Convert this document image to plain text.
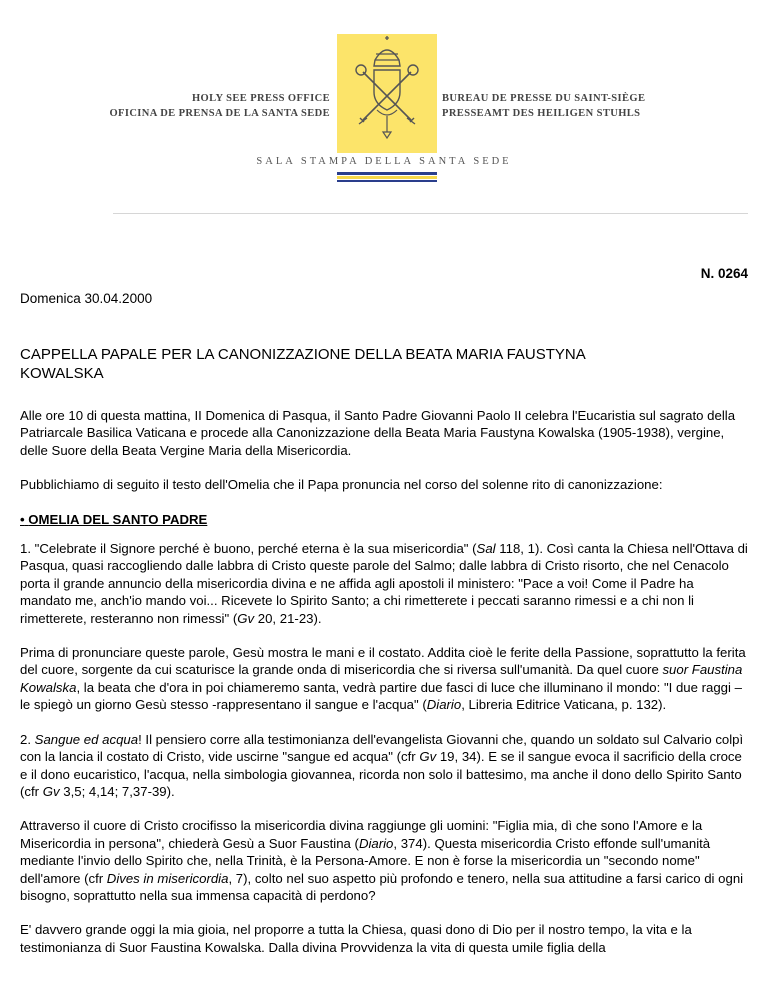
HOLY SEE PRESS OFFICE
OFICINA DE PRENSA DE LA SANTA SEDE
BUREAU DE PRESSE DU SAINT-SIÈGE
PRESSEAMT DES HEILIGEN STUHLS
SALA STAMPA DELLA SANTA SEDE
N. 0264
Domenica 30.04.2000
CAPPELLA PAPALE PER LA CANONIZZAZIONE DELLA BEATA MARIA FAUSTYNA KOWALSKA

Alle ore 10 di questa mattina, II Domenica di Pasqua, il Santo Padre Giovanni Paolo II celebra l'Eucaristia sul sagrato della Patriarcale Basilica Vaticana e procede alla Canonizzazione della Beata Maria Faustyna Kowalska (1905-1938), vergine, delle Suore della Beata Vergine Maria della Misericordia.

Pubblichiamo di seguito il testo dell'Omelia che il Papa pronuncia nel corso del solenne rito di canonizzazione:

• OMELIA DEL SANTO PADRE

1. "Celebrate il Signore perché è buono, perché eterna è la sua misericordia" (Sal 118, 1). Così canta la Chiesa nell'Ottava di Pasqua, quasi raccogliendo dalle labbra di Cristo queste parole del Salmo; dalle labbra di Cristo risorto, che nel Cenacolo porta il grande annuncio della misericordia divina e ne affida agli apostoli il ministero: "Pace a voi! Come il Padre ha mandato me, anch'io mando voi... Ricevete lo Spirito Santo; a chi rimetterete i peccati saranno rimessi e a chi non li rimetterete, resteranno non rimessi" (Gv 20, 21-23).

Prima di pronunciare queste parole, Gesù mostra le mani e il costato. Addita cioè le ferite della Passione, soprattutto la ferita del cuore, sorgente da cui scaturisce la grande onda di misericordia che si riversa sull'umanità. Da quel cuore suor Faustina Kowalska, la beata che d'ora in poi chiameremo santa, vedrà partire due fasci di luce che illuminano il mondo: "I due raggi – le spiegò un giorno Gesù stesso -rappresentano il sangue e l'acqua" (Diario, Libreria Editrice Vaticana, p. 132).

2. Sangue ed acqua! Il pensiero corre alla testimonianza dell'evangelista Giovanni che, quando un soldato sul Calvario colpì con la lancia il costato di Cristo, vide uscirne "sangue ed acqua" (cfr Gv 19, 34). E se il sangue evoca il sacrificio della croce e il dono eucaristico, l'acqua, nella simbologia giovannea, ricorda non solo il battesimo, ma anche il dono dello Spirito Santo (cfr Gv 3,5; 4,14; 7,37-39).

Attraverso il cuore di Cristo crocifisso la misericordia divina raggiunge gli uomini: "Figlia mia, dì che sono l'Amore e la Misericordia in persona", chiederà Gesù a Suor Faustina (Diario, 374). Questa misericordia Cristo effonde sull'umanità mediante l'invio dello Spirito che, nella Trinità, è la Persona-Amore. E non è forse la misericordia un "secondo nome" dell'amore (cfr Dives in misericordia, 7), colto nel suo aspetto più profondo e tenero, nella sua attitudine a farsi carico di ogni bisogno, soprattutto nella sua immensa capacità di perdono?

E' davvero grande oggi la mia gioia, nel proporre a tutta la Chiesa, quasi dono di Dio per il nostro tempo, la vita e la testimonianza di Suor Faustina Kowalska. Dalla divina Provvidenza la vita di questa umile figlia della
